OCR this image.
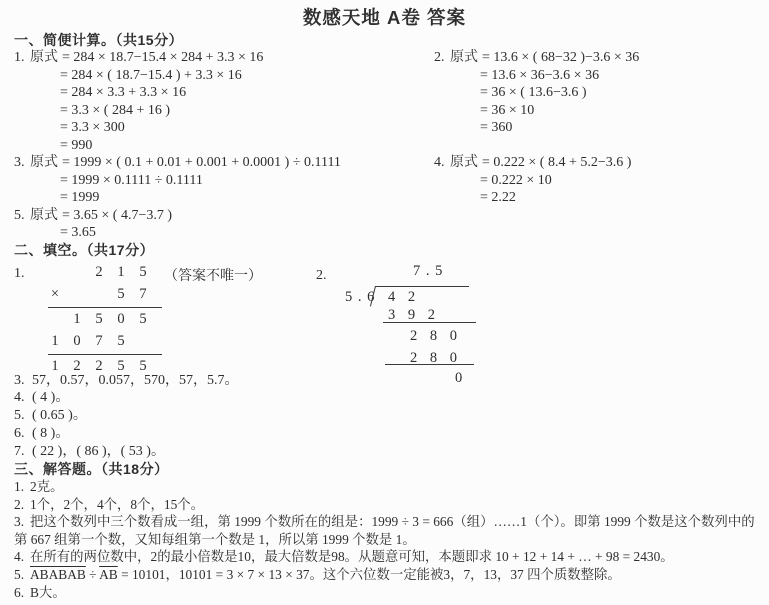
数感天地 A卷 答案
一、简便计算。（共15分）
1. 原式 = 284 × 18.7−15.4 × 284 + 3.3 × 16
= 284 × ( 18.7−15.4 ) + 3.3 × 16
= 284 × 3.3 + 3.3 × 16
= 3.3 × ( 284 + 16 )
= 3.3 × 300
= 990
2. 原式 = 13.6 × ( 68−32 )−3.6 × 36
= 13.6 × 36−3.6 × 36
= 36 × ( 13.6−3.6 )
= 36 × 10
= 360
3. 原式 = 1999 × ( 0.1 + 0.01 + 0.001 + 0.0001 ) ÷ 0.1111
= 1999 × 0.1111 ÷ 0.1111
= 1999
4. 原式 = 0.222 × ( 8.4 + 5.2−3.6 )
= 0.222 × 10
= 2.22
5. 原式 = 3.65 × ( 4.7−3.7 )
= 3.65
二、填空。（共17分）
1.	（答案不唯一）
2	1	5
×	5	7
1	5	0	5
1	0	7	5
1	2	2	5	5
2.	7 . 5
5 . 6 4 2
3 9 2
2 8 0
2 8 0
0
3. 57，0.57，0.057，570，57，5.7。
4. ( 4 )。
5. ( 0.65 )。
6. ( 8 )。
7. ( 22 )，( 86 )，( 53 )。
三、解答题。（共18分）
1. 2克。
2. 1个，2个，4个，8个，15个。
3. 把这个数列中三个数看成一组，第 1999 个数所在的组是：1999 ÷ 3 = 666（组）……1（个）。即第 1999 个数是这个数列中的第 667 组第一个数，又知每组第一个数是 1，所以第 1999 个数是 1。
4. 在所有的两位数中，2的最小倍数是10，最大倍数是98。从题意可知，本题即求 10 + 12 + 14 + … + 98 = 2430。
5. ABABAB ÷ $\overline{AB} = 10101$，10101 = 3 × 7 × 13 × 37。这个六位数一定能被3，7，13，37 四个质数整除。
6. B大。
